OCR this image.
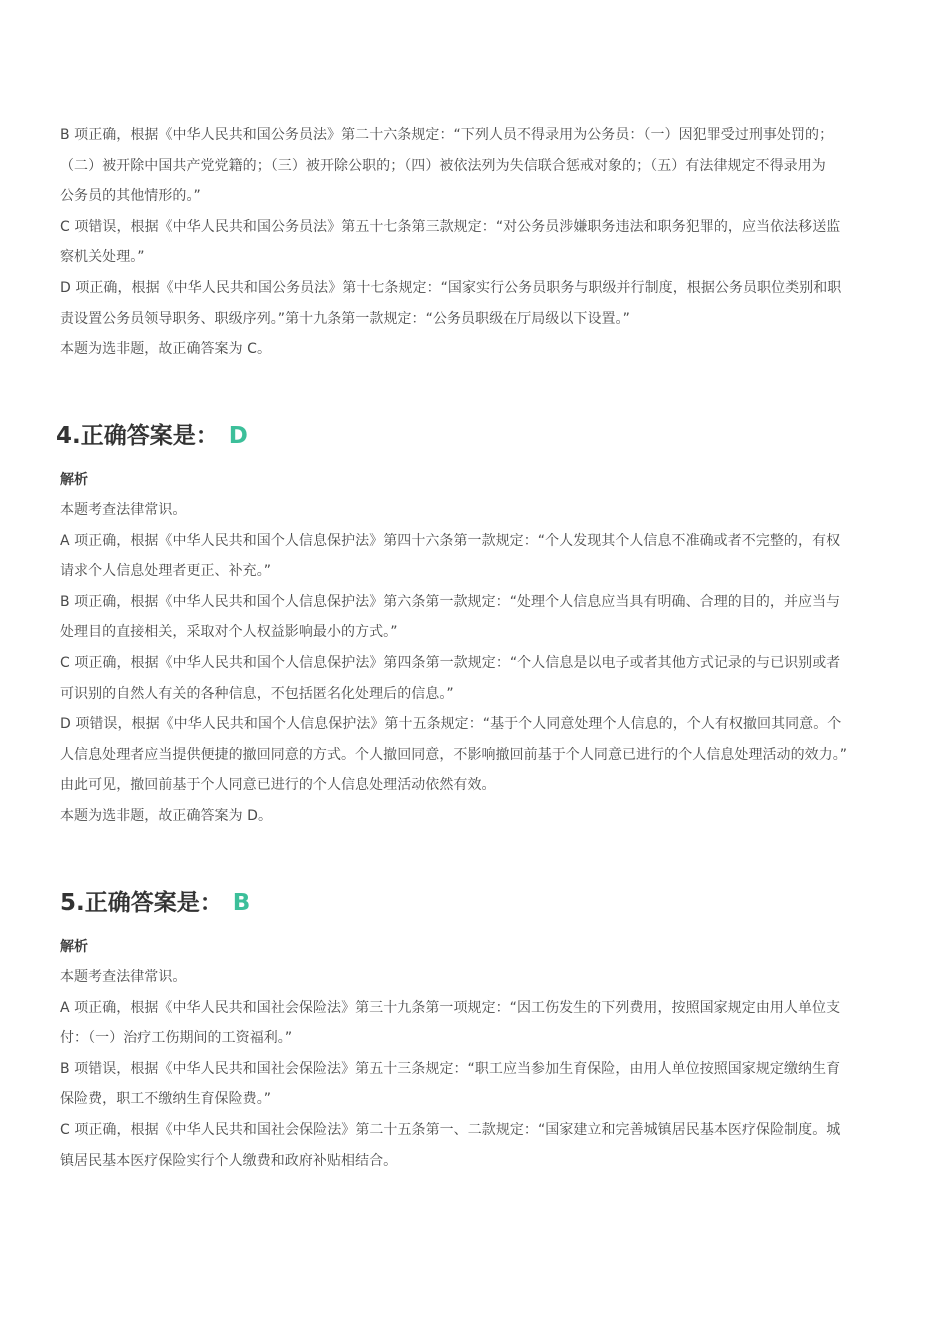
B 项正确，根据《中华人民共和国公务员法》第二十六条规定：“下列人员不得录用为公务员：（一）因犯罪受过刑事处罚的；
（二）被开除中国共产党党籍的；（三）被开除公职的；（四）被依法列为失信联合惩戒对象的；（五）有法律规定不得录用为
公务员的其他情形的。”
C 项错误，根据《中华人民共和国公务员法》第五十七条第三款规定：“对公务员涉嫌职务违法和职务犯罪的，应当依法移送监
察机关处理。”
D 项正确，根据《中华人民共和国公务员法》第十七条规定：“国家实行公务员职务与职级并行制度，根据公务员职位类别和职
责设置公务员领导职务、职级序列。”第十九条第一款规定：“公务员职级在厅局级以下设置。”
本题为选非题，故正确答案为 C。
4.正确答案是： D
解析
本题考查法律常识。
A 项正确，根据《中华人民共和国个人信息保护法》第四十六条第一款规定：“个人发现其个人信息不准确或者不完整的，有权
请求个人信息处理者更正、补充。”
B 项正确，根据《中华人民共和国个人信息保护法》第六条第一款规定：“处理个人信息应当具有明确、合理的目的，并应当与
处理目的直接相关，采取对个人权益影响最小的方式。”
C 项正确，根据《中华人民共和国个人信息保护法》第四条第一款规定：“个人信息是以电子或者其他方式记录的与已识别或者
可识别的自然人有关的各种信息，不包括匿名化处理后的信息。”
D 项错误，根据《中华人民共和国个人信息保护法》第十五条规定：“基于个人同意处理个人信息的，个人有权撤回其同意。个
人信息处理者应当提供便捷的撤回同意的方式。个人撤回同意，不影响撤回前基于个人同意已进行的个人信息处理活动的效力。”
由此可见，撤回前基于个人同意已进行的个人信息处理活动依然有效。
本题为选非题，故正确答案为 D。
5.正确答案是： B
解析
本题考查法律常识。
A 项正确，根据《中华人民共和国社会保险法》第三十九条第一项规定：“因工伤发生的下列费用，按照国家规定由用人单位支
付：（一）治疗工伤期间的工资福利。”
B 项错误，根据《中华人民共和国社会保险法》第五十三条规定：“职工应当参加生育保险，由用人单位按照国家规定缴纳生育
保险费，职工不缴纳生育保险费。”
C 项正确，根据《中华人民共和国社会保险法》第二十五条第一、二款规定：“国家建立和完善城镇居民基本医疗保险制度。城
镇居民基本医疗保险实行个人缴费和政府补贴相结合。
